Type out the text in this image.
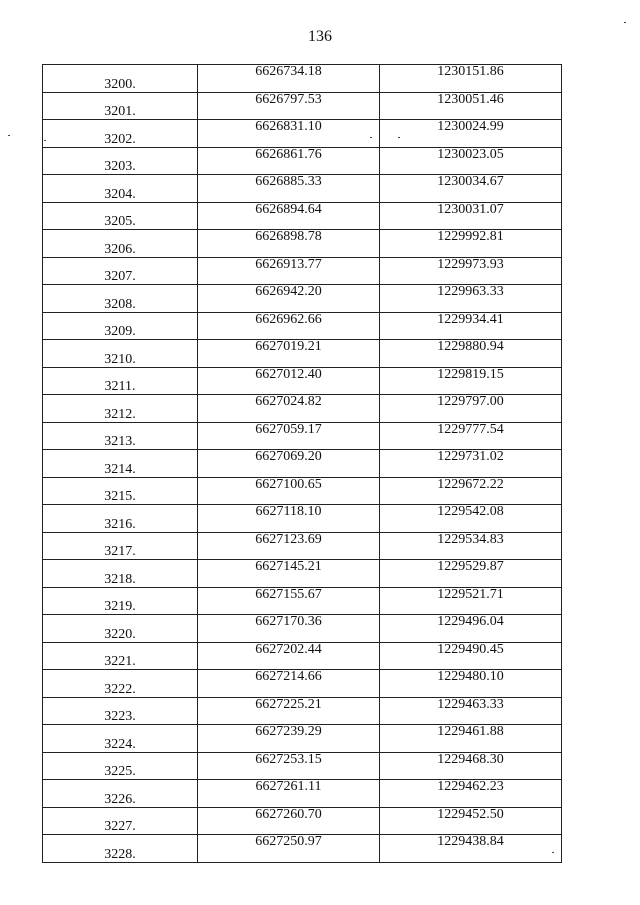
136
3200.	6626734.18	1230151.86
3201.	6626797.53	1230051.46
3202.	6626831.10	1230024.99
3203.	6626861.76	1230023.05
3204.	6626885.33	1230034.67
3205.	6626894.64	1230031.07
3206.	6626898.78	1229992.81
3207.	6626913.77	1229973.93
3208.	6626942.20	1229963.33
3209.	6626962.66	1229934.41
3210.	6627019.21	1229880.94
3211.	6627012.40	1229819.15
3212.	6627024.82	1229797.00
3213.	6627059.17	1229777.54
3214.	6627069.20	1229731.02
3215.	6627100.65	1229672.22
3216.	6627118.10	1229542.08
3217.	6627123.69	1229534.83
3218.	6627145.21	1229529.87
3219.	6627155.67	1229521.71
3220.	6627170.36	1229496.04
3221.	6627202.44	1229490.45
3222.	6627214.66	1229480.10
3223.	6627225.21	1229463.33
3224.	6627239.29	1229461.88
3225.	6627253.15	1229468.30
3226.	6627261.11	1229462.23
3227.	6627260.70	1229452.50
3228.	6627250.97	1229438.84
